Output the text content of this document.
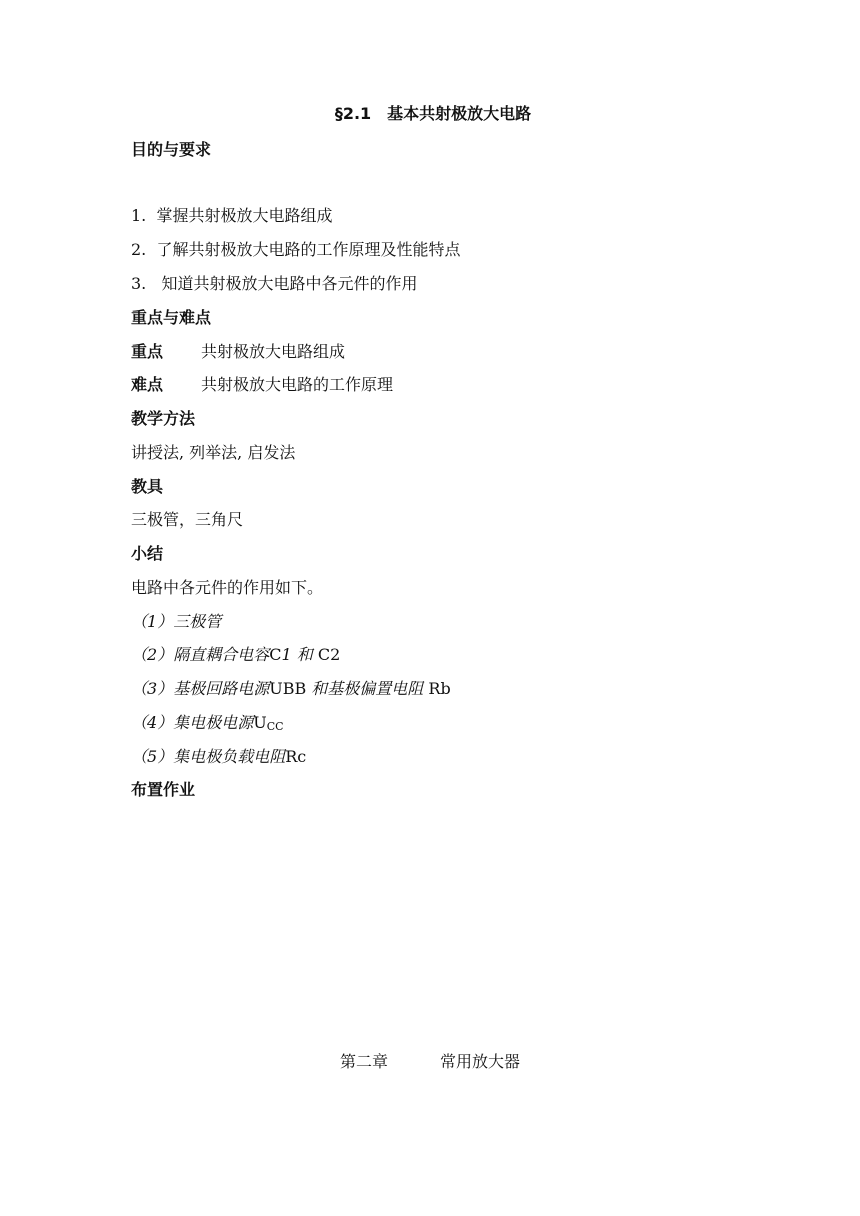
§2.1　基本共射极放大电路
目的与要求
1. 掌握共射极放大电路组成
2. 了解共射极放大电路的工作原理及性能特点
3. 知道共射极放大电路中各元件的作用
重点与难点
重点 共射极放大电路组成
难点 共射极放大电路的工作原理
教学方法
讲授法, 列举法, 启发法
教具
三极管，三角尺
小结
电路中各元件的作用如下。
（1）三极管
（2）隔直耦合电容C1 和 C2
（3）基极回路电源UBB 和基极偏置电阻 Rb
（4）集电极电源$U_{CC}$
（5）集电极负载电阻Rc
布置作业
第二章	常用放大器
